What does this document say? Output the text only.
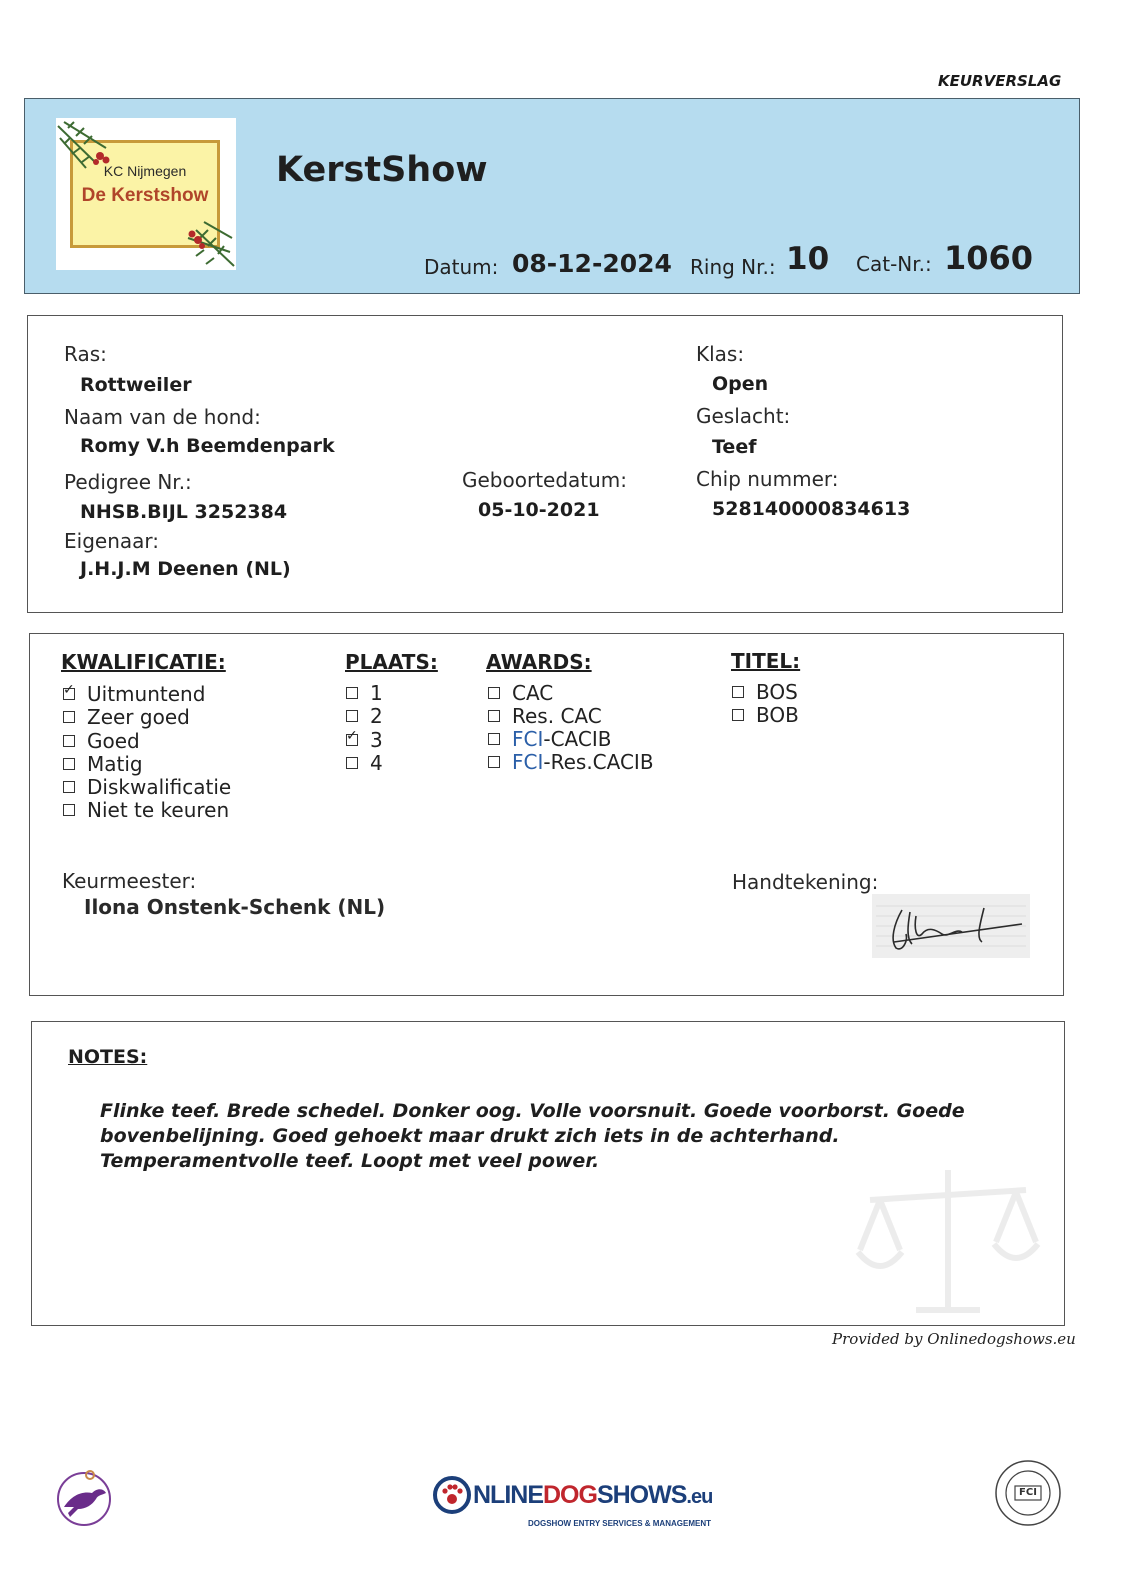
KEURVERSLAG
KC Nijmegen
De Kerstshow
KerstShow
Datum: 08-12-2024 Ring Nr.: 10 Cat-Nr.: 1060
Ras:
Rottweiler
Naam van de hond:
Romy V.h Beemdenpark
Pedigree Nr.:
NHSB.BIJL 3252384
Eigenaar:
J.H.J.M Deenen (NL)
Geboortedatum:
05-10-2021
Klas:
Open
Geslacht:
Teef
Chip nummer:
528140000834613
KWALIFICATIE:
✓
Uitmuntend
Zeer goed
Goed
Matig
Diskwalificatie
Niet te keuren
PLAATS:
1
2
✓
3
4
AWARDS:
CAC
Res. CAC
FCI -CACIB
FCI -Res.CACIB
TITEL:
BOS
BOB
Keurmeester:
Ilona Onstenk-Schenk (NL)
Handtekening:
NOTES:
Flinke teef. Brede schedel. Donker oog. Volle voorsnuit. Goede voorborst. Goede
bovenbelijning. Goed gehoekt maar drukt zich iets in de achterhand.
Temperamentvolle teef. Loopt met veel power.
Provided by Onlinedogshows.eu
NLINEDOGSHOWS.eu
DOGSHOW ENTRY SERVICES & MANAGEMENT
FCI
